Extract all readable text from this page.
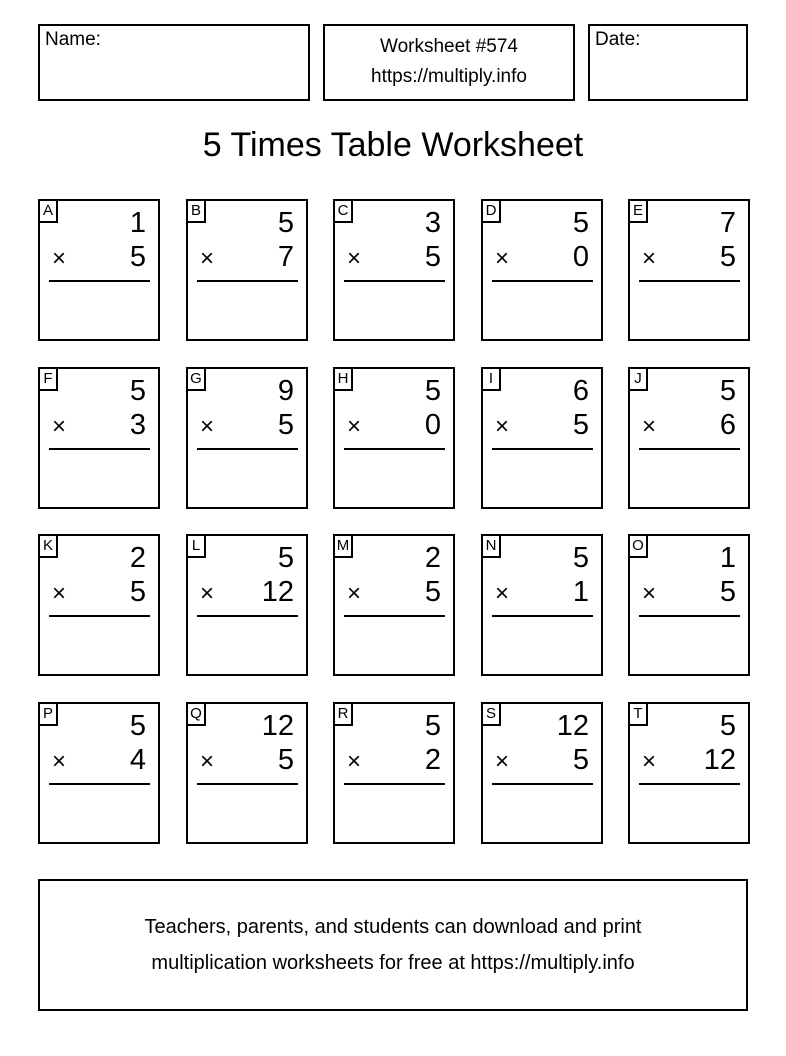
Name:	Worksheet #574
https://multiply.info
Date:
5 Times Table Worksheet
A	1
× 5
B	5
× 7
C	3
× 5
D	5
× 0
E	7
× 5
F	5
× 3
G	9
× 5
H	5
× 0
I	6
× 5
J	5
× 6
K	2
× 5
L	5
× 12
M	2
× 5
N	5
× 1
O	1
× 5
P	5
× 4
Q 12
× 5
R	5
× 2
S 12
× 5
T	5
× 12
Teachers, parents, and students can download and print
multiplication worksheets for free at https://multiply.info
